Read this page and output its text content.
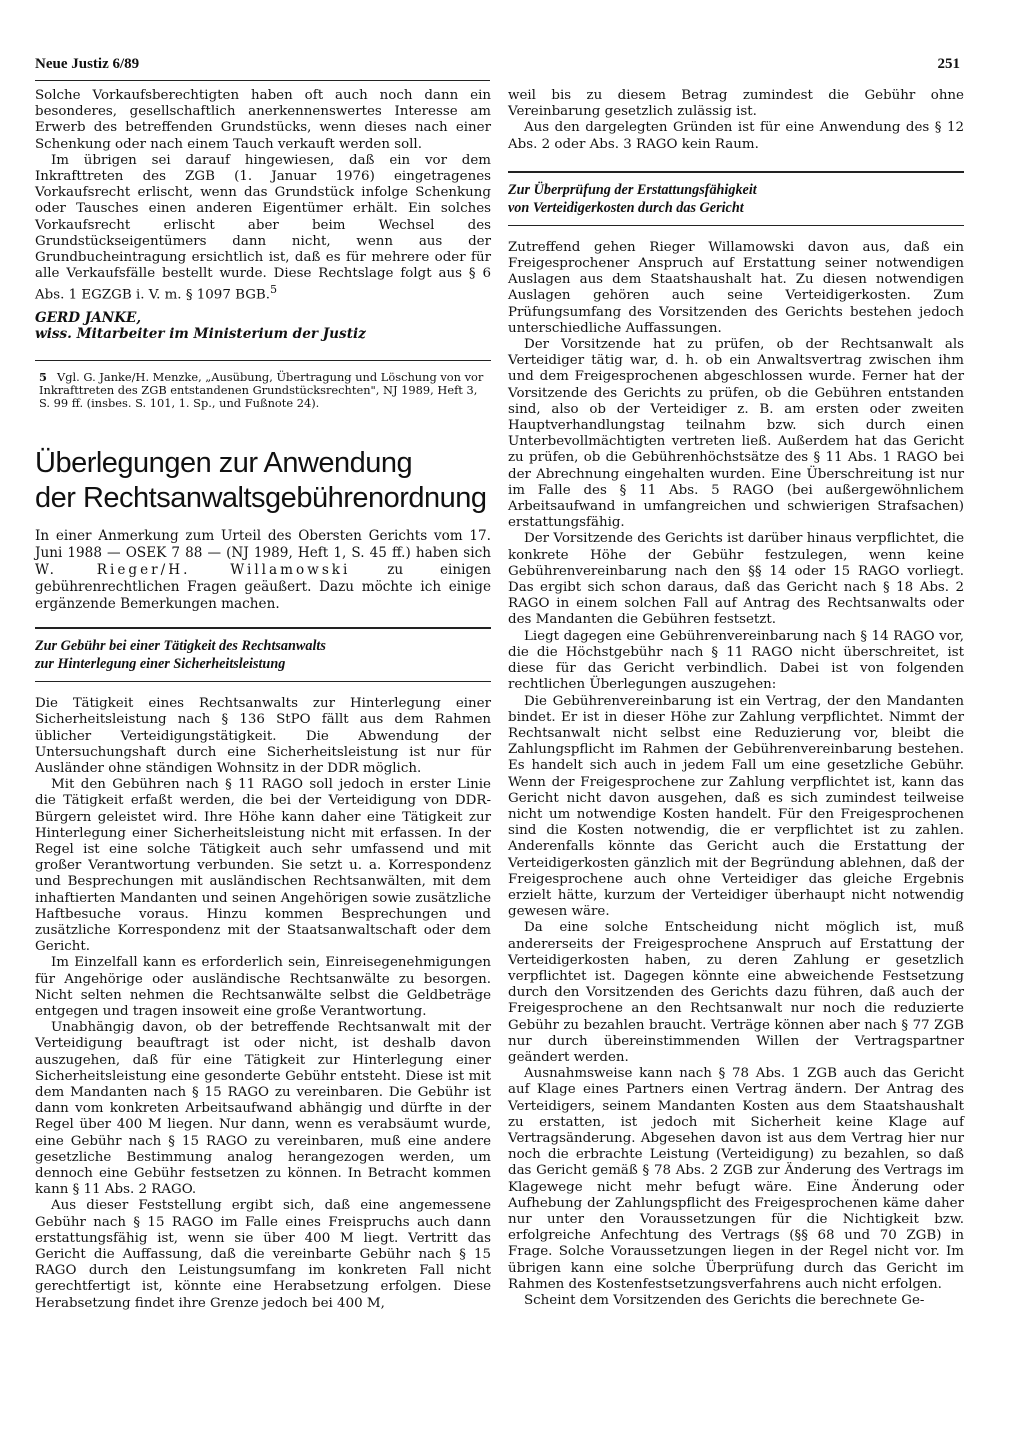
Neue Justiz 6/89	251

Solche Vorkaufsberechtigten haben oft auch noch dann ein besonderes, gesellschaftlich anerkennenswertes Interesse am Erwerb des betreffenden Grundstücks, wenn dieses nach einer Schenkung oder nach einem Tauch verkauft werden soll.

Im übrigen sei darauf hingewiesen, daß ein vor dem Inkrafttreten des ZGB (1. Januar 1976) eingetragenes Vorkaufsrecht erlischt, wenn das Grundstück infolge Schenkung oder Tausches einen anderen Eigentümer erhält. Ein solches Vorkaufsrecht erlischt aber beim Wechsel des Grundstückseigentümers dann nicht, wenn aus der Grundbucheintragung ersichtlich ist, daß es für mehrere oder für alle Verkaufsfälle bestellt wurde. Diese Rechtslage folgt aus § 6 Abs. 1 EGZGB i. V. m. § 1097 BGB.$^5$

GERD JANKE,
wiss. Mitarbeiter im Ministerium der Justiz
5 Vgl. G. Janke/H. Menzke, „Ausübung, Übertragung und Löschung von vor Inkrafttreten des ZGB entstandenen Grundstücksrechten", NJ 1989, Heft 3, S. 99 ff. (insbes. S. 101, 1. Sp., und Fußnote 24).
Überlegungen zur Anwendung
der Rechtsanwaltsgebührenordnung

In einer Anmerkung zum Urteil des Obersten Gerichts vom 17. Juni 1988 — OSEK 7 88 — (NJ 1989, Heft 1, S. 45 ff.) haben sich W. Rieger/H. Willamowski zu einigen gebührenrechtlichen Fragen geäußert. Dazu möchte ich einige ergänzende Bemerkungen machen.

Zur Gebühr bei einer Tätigkeit des Rechtsanwalts
zur Hinterlegung einer Sicherheitsleistung

Die Tätigkeit eines Rechtsanwalts zur Hinterlegung einer Sicherheitsleistung nach § 136 StPO fällt aus dem Rahmen üblicher Verteidigungstätigkeit. Die Abwendung der Untersuchungshaft durch eine Sicherheitsleistung ist nur für Ausländer ohne ständigen Wohnsitz in der DDR möglich.

Mit den Gebühren nach § 11 RAGO soll jedoch in erster Linie die Tätigkeit erfaßt werden, die bei der Verteidigung von DDR-Bürgern geleistet wird. Ihre Höhe kann daher eine Tätigkeit zur Hinterlegung einer Sicherheitsleistung nicht mit erfassen. In der Regel ist eine solche Tätigkeit auch sehr umfassend und mit großer Verantwortung verbunden. Sie setzt u. a. Korrespondenz und Besprechungen mit ausländischen Rechtsanwälten, mit dem inhaftierten Mandanten und seinen Angehörigen sowie zusätzliche Haftbesuche voraus. Hinzu kommen Besprechungen und zusätzliche Korrespondenz mit der Staatsanwaltschaft oder dem Gericht.

Im Einzelfall kann es erforderlich sein, Einreisegenehmigungen für Angehörige oder ausländische Rechtsanwälte zu besorgen. Nicht selten nehmen die Rechtsanwälte selbst die Geldbeträge entgegen und tragen insoweit eine große Verantwortung.

Unabhängig davon, ob der betreffende Rechtsanwalt mit der Verteidigung beauftragt ist oder nicht, ist deshalb davon auszugehen, daß für eine Tätigkeit zur Hinterlegung einer Sicherheitsleistung eine gesonderte Gebühr entsteht. Diese ist mit dem Mandanten nach § 15 RAGO zu vereinbaren. Die Gebühr ist dann vom konkreten Arbeitsaufwand abhängig und dürfte in der Regel über 400 M liegen. Nur dann, wenn es verabsäumt wurde, eine Gebühr nach § 15 RAGO zu vereinbaren, muß eine andere gesetzliche Bestimmung analog herangezogen werden, um dennoch eine Gebühr festsetzen zu können. In Betracht kommen kann § 11 Abs. 2 RAGO.

Aus dieser Feststellung ergibt sich, daß eine angemessene Gebühr nach § 15 RAGO im Falle eines Freispruchs auch dann erstattungsfähig ist, wenn sie über 400 M liegt. Vertritt das Gericht die Auffassung, daß die vereinbarte Gebühr nach § 15 RAGO durch den Leistungsumfang im konkreten Fall nicht gerechtfertigt ist, könnte eine Herabsetzung erfolgen. Diese Herabsetzung findet ihre Grenze jedoch bei 400 M,

weil bis zu diesem Betrag zumindest die Gebühr ohne Vereinbarung gesetzlich zulässig ist.

Aus den dargelegten Gründen ist für eine Anwendung des § 12 Abs. 2 oder Abs. 3 RAGO kein Raum.

Zur Überprüfung der Erstattungsfähigkeit
von Verteidigerkosten durch das Gericht

Zutreffend gehen Rieger Willamowski davon aus, daß ein Freigesprochener Anspruch auf Erstattung seiner notwendigen Auslagen aus dem Staatshaushalt hat. Zu diesen notwendigen Auslagen gehören auch seine Verteidigerkosten. Zum Prüfungsumfang des Vorsitzenden des Gerichts bestehen jedoch unterschiedliche Auffassungen.

Der Vorsitzende hat zu prüfen, ob der Rechtsanwalt als Verteidiger tätig war, d. h. ob ein Anwaltsvertrag zwischen ihm und dem Freigesprochenen abgeschlossen wurde. Ferner hat der Vorsitzende des Gerichts zu prüfen, ob die Gebühren entstanden sind, also ob der Verteidiger z. B. am ersten oder zweiten Hauptverhandlungstag teilnahm bzw. sich durch einen Unterbevollmächtigten vertreten ließ. Außerdem hat das Gericht zu prüfen, ob die Gebührenhöchstsätze des § 11 Abs. 1 RAGO bei der Abrechnung eingehalten wurden. Eine Überschreitung ist nur im Falle des § 11 Abs. 5 RAGO (bei außergewöhnlichem Arbeitsaufwand in umfangreichen und schwierigen Strafsachen) erstattungsfähig.

Der Vorsitzende des Gerichts ist darüber hinaus verpflichtet, die konkrete Höhe der Gebühr festzulegen, wenn keine Gebührenvereinbarung nach den §§ 14 oder 15 RAGO vorliegt. Das ergibt sich schon daraus, daß das Gericht nach § 18 Abs. 2 RAGO in einem solchen Fall auf Antrag des Rechtsanwalts oder des Mandanten die Gebühren festsetzt.

Liegt dagegen eine Gebührenvereinbarung nach § 14 RAGO vor, die die Höchstgebühr nach § 11 RAGO nicht überschreitet, ist diese für das Gericht verbindlich. Dabei ist von folgenden rechtlichen Überlegungen auszugehen:

Die Gebührenvereinbarung ist ein Vertrag, der den Mandanten bindet. Er ist in dieser Höhe zur Zahlung verpflichtet. Nimmt der Rechtsanwalt nicht selbst eine Reduzierung vor, bleibt die Zahlungspflicht im Rahmen der Gebührenvereinbarung bestehen. Es handelt sich auch in jedem Fall um eine gesetzliche Gebühr. Wenn der Freigesprochene zur Zahlung verpflichtet ist, kann das Gericht nicht davon ausgehen, daß es sich zumindest teilweise nicht um notwendige Kosten handelt. Für den Freigesprochenen sind die Kosten notwendig, die er verpflichtet ist zu zahlen. Anderenfalls könnte das Gericht auch die Erstattung der Verteidigerkosten gänzlich mit der Begründung ablehnen, daß der Freigesprochene auch ohne Verteidiger das gleiche Ergebnis erzielt hätte, kurzum der Verteidiger überhaupt nicht notwendig gewesen wäre.

Da eine solche Entscheidung nicht möglich ist, muß andererseits der Freigesprochene Anspruch auf Erstattung der Verteidigerkosten haben, zu deren Zahlung er gesetzlich verpflichtet ist. Dagegen könnte eine abweichende Festsetzung durch den Vorsitzenden des Gerichts dazu führen, daß auch der Freigesprochene an den Rechtsanwalt nur noch die reduzierte Gebühr zu bezahlen braucht. Verträge können aber nach § 77 ZGB nur durch übereinstimmenden Willen der Vertragspartner geändert werden.

Ausnahmsweise kann nach § 78 Abs. 1 ZGB auch das Gericht auf Klage eines Partners einen Vertrag ändern. Der Antrag des Verteidigers, seinem Mandanten Kosten aus dem Staatshaushalt zu erstatten, ist jedoch mit Sicherheit keine Klage auf Vertragsänderung. Abgesehen davon ist aus dem Vertrag hier nur noch die erbrachte Leistung (Verteidigung) zu bezahlen, so daß das Gericht gemäß § 78 Abs. 2 ZGB zur Änderung des Vertrags im Klagewege nicht mehr befugt wäre. Eine Änderung oder Aufhebung der Zahlungspflicht des Freigesprochenen käme daher nur unter den Voraussetzungen für die Nichtigkeit bzw. erfolgreiche Anfechtung des Vertrags (§§ 68 und 70 ZGB) in Frage. Solche Voraussetzungen liegen in der Regel nicht vor. Im übrigen kann eine solche Überprüfung durch das Gericht im Rahmen des Kostenfestsetzungsverfahrens auch nicht erfolgen.

Scheint dem Vorsitzenden des Gerichts die berechnete Ge-
